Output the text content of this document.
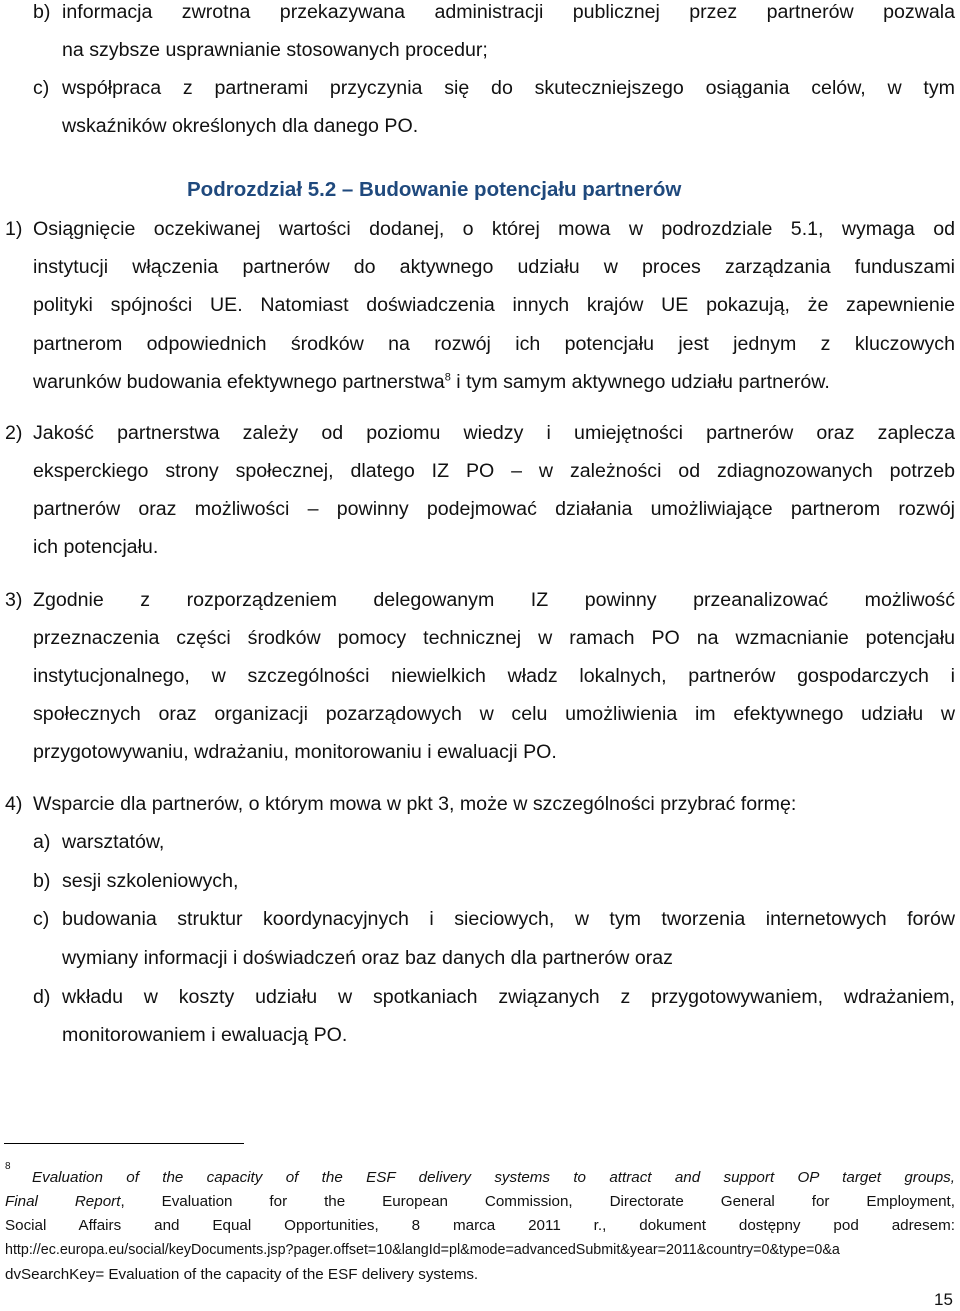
b) informacja zwrotna przekazywana administracji publicznej przez partnerów pozwala
na szybsze usprawnianie stosowanych procedur;
c) współpraca z partnerami przyczynia się do skuteczniejszego osiągania celów, w tym
wskaźników określonych dla danego PO.
Podrozdział 5.2 – Budowanie potencjału partnerów
1) Osiągnięcie oczekiwanej wartości dodanej, o której mowa w podrozdziale 5.1, wymaga od
instytucji włączenia partnerów do aktywnego udziału w proces zarządzania funduszami
polityki spójności UE. Natomiast doświadczenia innych krajów UE pokazują, że zapewnienie
partnerom odpowiednich środków na rozwój ich potencjału jest jednym z kluczowych
warunków budowania efektywnego partnerstwa$^8$ i tym samym aktywnego udziału partnerów.
2) Jakość partnerstwa zależy od poziomu wiedzy i umiejętności partnerów oraz zaplecza
eksperckiego strony społecznej, dlatego IZ PO – w zależności od zdiagnozowanych potrzeb
partnerów oraz możliwości – powinny podejmować działania umożliwiające partnerom rozwój
ich potencjału.
3) Zgodnie z rozporządzeniem delegowanym IZ powinny przeanalizować możliwość
przeznaczenia części środków pomocy technicznej w ramach PO na wzmacnianie potencjału
instytucjonalnego, w szczególności niewielkich władz lokalnych, partnerów gospodarczych i
społecznych oraz organizacji pozarządowych w celu umożliwienia im efektywnego udziału w
przygotowywaniu, wdrażaniu, monitorowaniu i ewaluacji PO.
4) Wsparcie dla partnerów, o którym mowa w pkt 3, może w szczególności przybrać formę:
a) warsztatów,
b) sesji szkoleniowych,
c) budowania struktur koordynacyjnych i sieciowych, w tym tworzenia internetowych forów
wymiany informacji i doświadczeń oraz baz danych dla partnerów oraz
d) wkładu w koszty udziału w spotkaniach związanych z przygotowywaniem, wdrażaniem,
monitorowaniem i ewaluacją PO.
8
Evaluation of the capacity of the ESF delivery systems to attract and support OP target groups,
Final Report, Evaluation for the European Commission, Directorate General for Employment,
Social Affairs and Equal Opportunities, 8 marca 2011 r., dokument dostępny pod adresem:
http://ec.europa.eu/social/keyDocuments.jsp?pager.offset=10&langId=pl&mode=advancedSubmit&year=2011&country=0&type=0&a
dvSearchKey= Evaluation of the capacity of the ESF delivery systems.
15
